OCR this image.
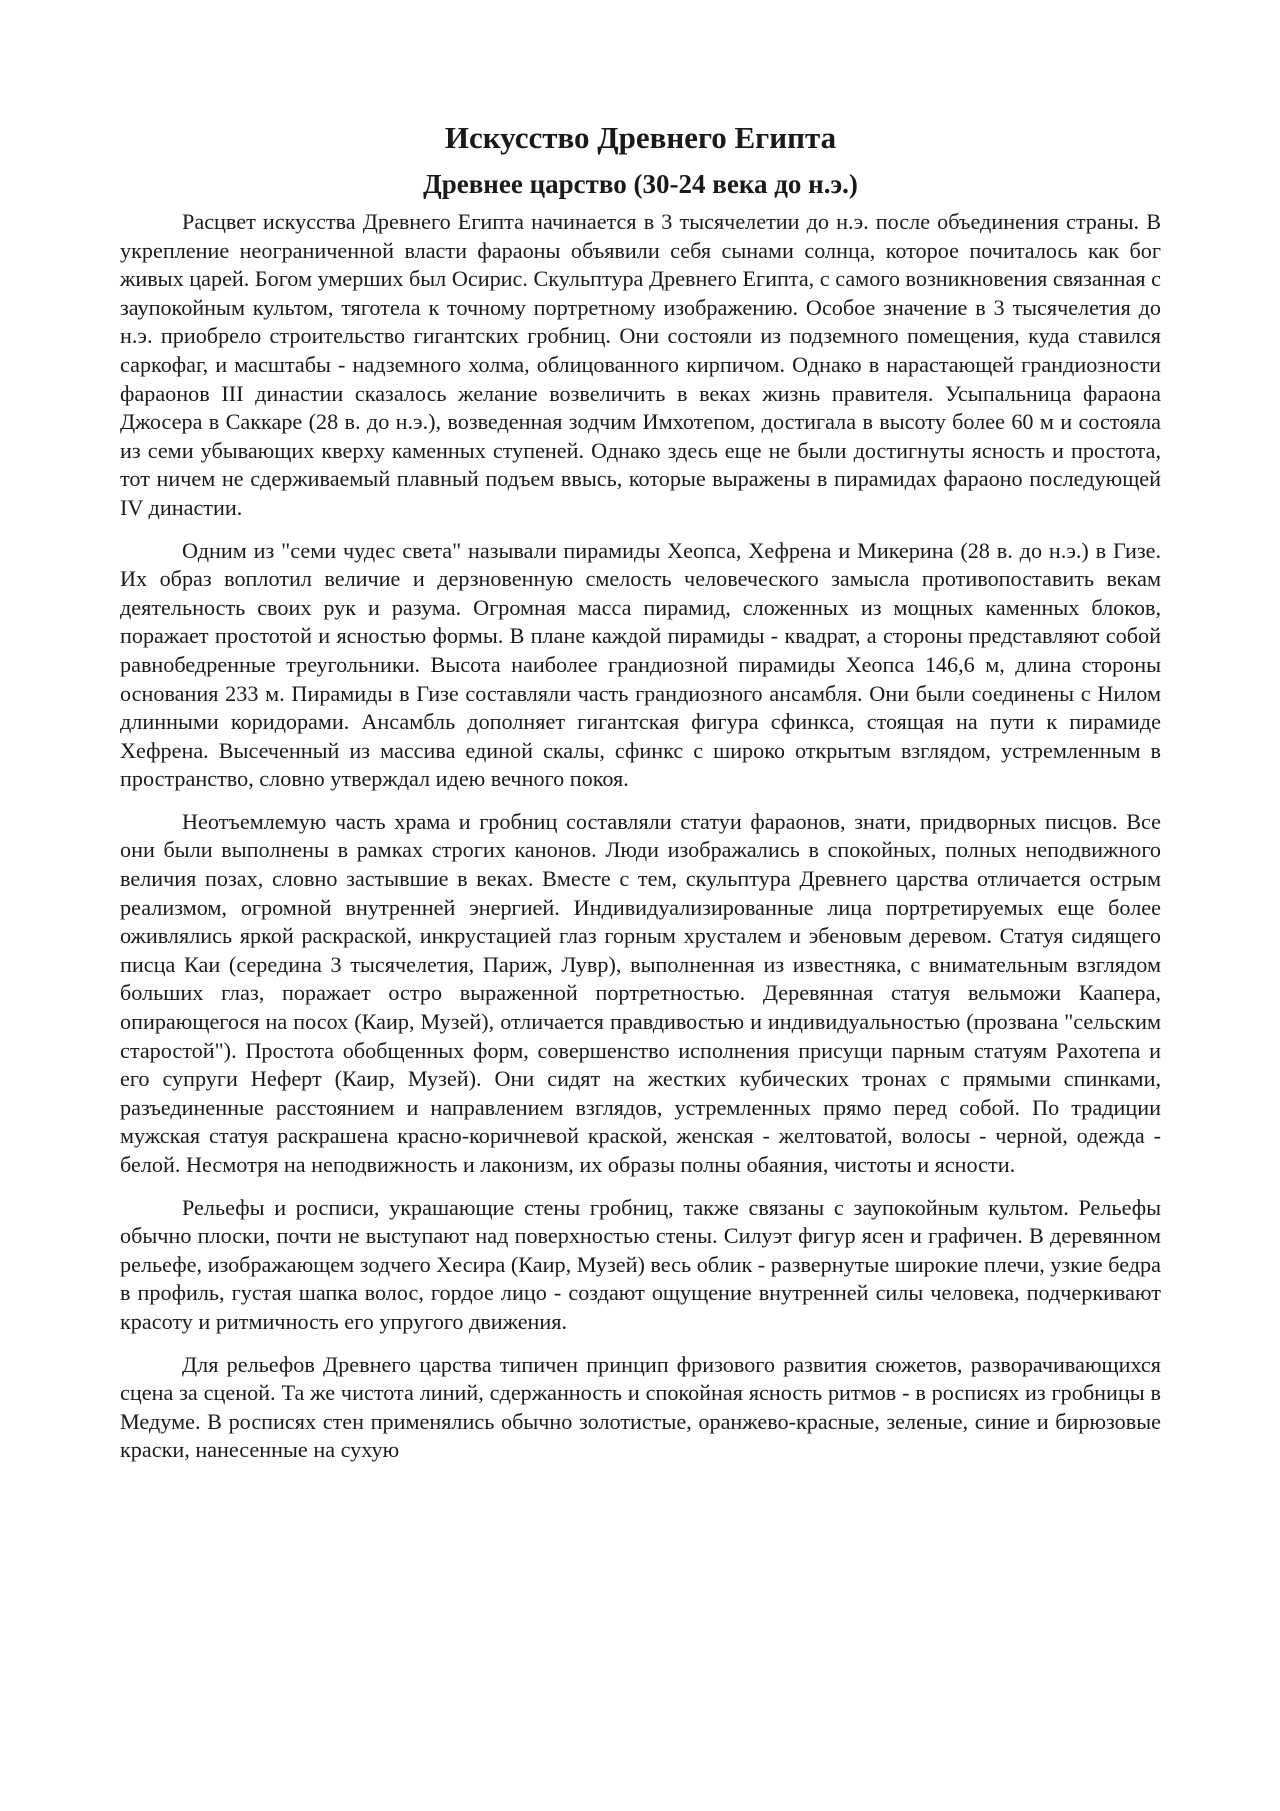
Искусство Древнего Египта
Древнее царство (30-24 века до н.э.)

Расцвет искусства Древнего Египта начинается в 3 тысячелетии до н.э. после объединения страны. В укрепление неограниченной власти фараоны объявили себя сынами солнца, которое почиталось как бог живых царей. Богом умерших был Осирис. Скульптура Древнего Египта, с самого возникновения связанная с заупокойным культом, тяготела к точному портретному изображению. Особое значение в 3 тысячелетия до н.э. приобрело строительство гигантских гробниц. Они состояли из подземного помещения, куда ставился саркофаг, и масштабы - надземного холма, облицованного кирпичом. Однако в нарастающей грандиозности фараонов III династии сказалось желание возвеличить в веках жизнь правителя. Усыпальница фараона Джосера в Саккаре (28 в. до н.э.), возведенная зодчим Имхотепом, достигала в высоту более 60 м и состояла из семи убывающих кверху каменных ступеней. Однако здесь еще не были достигнуты ясность и простота, тот ничем не сдерживаемый плавный подъем ввысь, которые выражены в пирамидах фараоно последующей IV династии.

Одним из "семи чудес света" называли пирамиды Хеопса, Хефрена и Микерина (28 в. до н.э.) в Гизе. Их образ воплотил величие и дерзновенную смелость человеческого замысла противопоставить векам деятельность своих рук и разума. Огромная масса пирамид, сложенных из мощных каменных блоков, поражает простотой и ясностью формы. В плане каждой пирамиды - квадрат, а стороны представляют собой равнобедренные треугольники. Высота наиболее грандиозной пирамиды Хеопса 146,6 м, длина стороны основания 233 м. Пирамиды в Гизе составляли часть грандиозного ансамбля. Они были соединены с Нилом длинными коридорами. Ансамбль дополняет гигантская фигура сфинкса, стоящая на пути к пирамиде Хефрена. Высеченный из массива единой скалы, сфинкс с широко открытым взглядом, устремленным в пространство, словно утверждал идею вечного покоя.

Неотъемлемую часть храма и гробниц составляли статуи фараонов, знати, придворных писцов. Все они были выполнены в рамках строгих канонов. Люди изображались в спокойных, полных неподвижного величия позах, словно застывшие в веках. Вместе с тем, скульптура Древнего царства отличается острым реализмом, огромной внутренней энергией. Индивидуализированные лица портретируемых еще более оживлялись яркой раскраской, инкрустацией глаз горным хрусталем и эбеновым деревом. Статуя сидящего писца Каи (середина 3 тысячелетия, Париж, Лувр), выполненная из известняка, с внимательным взглядом больших глаз, поражает остро выраженной портретностью. Деревянная статуя вельможи Каапера, опирающегося на посох (Каир, Музей), отличается правдивостью и индивидуальностью (прозвана "сельским старостой"). Простота обобщенных форм, совершенство исполнения присущи парным статуям Рахотепа и его супруги Неферт (Каир, Музей). Они сидят на жестких кубических тронах с прямыми спинками, разъединенные расстоянием и направлением взглядов, устремленных прямо перед собой. По традиции мужская статуя раскрашена красно-коричневой краской, женская - желтоватой, волосы - черной, одежда - белой. Несмотря на неподвижность и лаконизм, их образы полны обаяния, чистоты и ясности.

Рельефы и росписи, украшающие стены гробниц, также связаны с заупокойным культом. Рельефы обычно плоски, почти не выступают над поверхностью стены. Силуэт фигур ясен и графичен. В деревянном рельефе, изображающем зодчего Хесира (Каир, Музей) весь облик - развернутые широкие плечи, узкие бедра в профиль, густая шапка волос, гордое лицо - создают ощущение внутренней силы человека, подчеркивают красоту и ритмичность его упругого движения.

Для рельефов Древнего царства типичен принцип фризового развития сюжетов, разворачивающихся сцена за сценой. Та же чистота линий, сдержанность и спокойная ясность ритмов - в росписях из гробницы в Медуме. В росписях стен применялись обычно золотистые, оранжево-красные, зеленые, синие и бирюзовые краски, нанесенные на сухую
